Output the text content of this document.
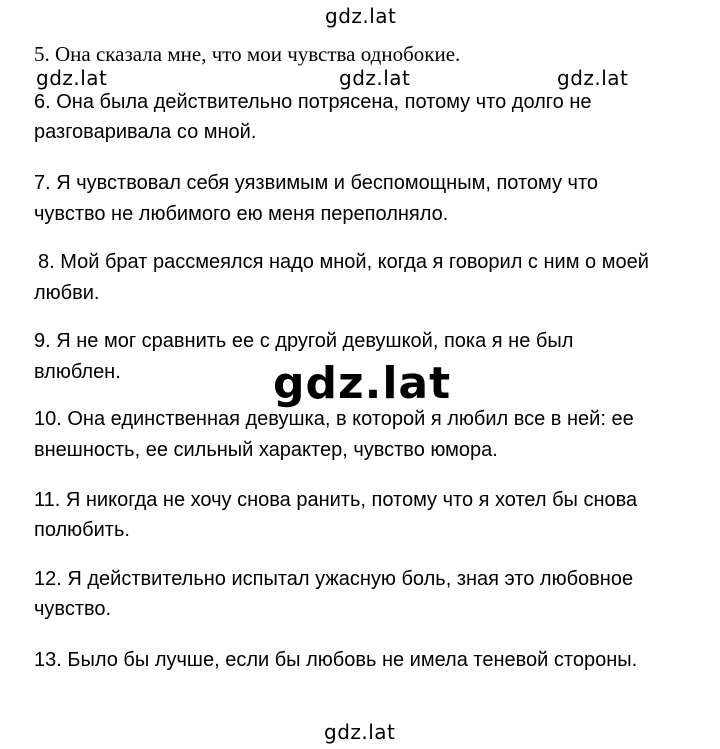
gdz.lat
5. Она сказала мне, что мои чувства однобокие.
gdz.lat	gdz.lat	gdz.lat
6. Она была действительно потрясена, потому что долго не
разговаривала со мной.
7. Я чувствовал себя уязвимым и беспомощным, потому что
чувство не любимого ею меня переполняло.
8. Мой брат рассмеялся надо мной, когда я говорил с ним о моей
любви.
9. Я не мог сравнить ее с другой девушкой, пока я не был
влюблен.	gdz.lat
10. Она единственная девушка, в которой я любил все в ней: ее
внешность, ее сильный характер, чувство юмора.
11. Я никогда не хочу снова ранить, потому что я хотел бы снова
полюбить.
12. Я действительно испытал ужасную боль, зная это любовное
чувство.
13. Было бы лучше, если бы любовь не имела теневой стороны.
gdz.lat
